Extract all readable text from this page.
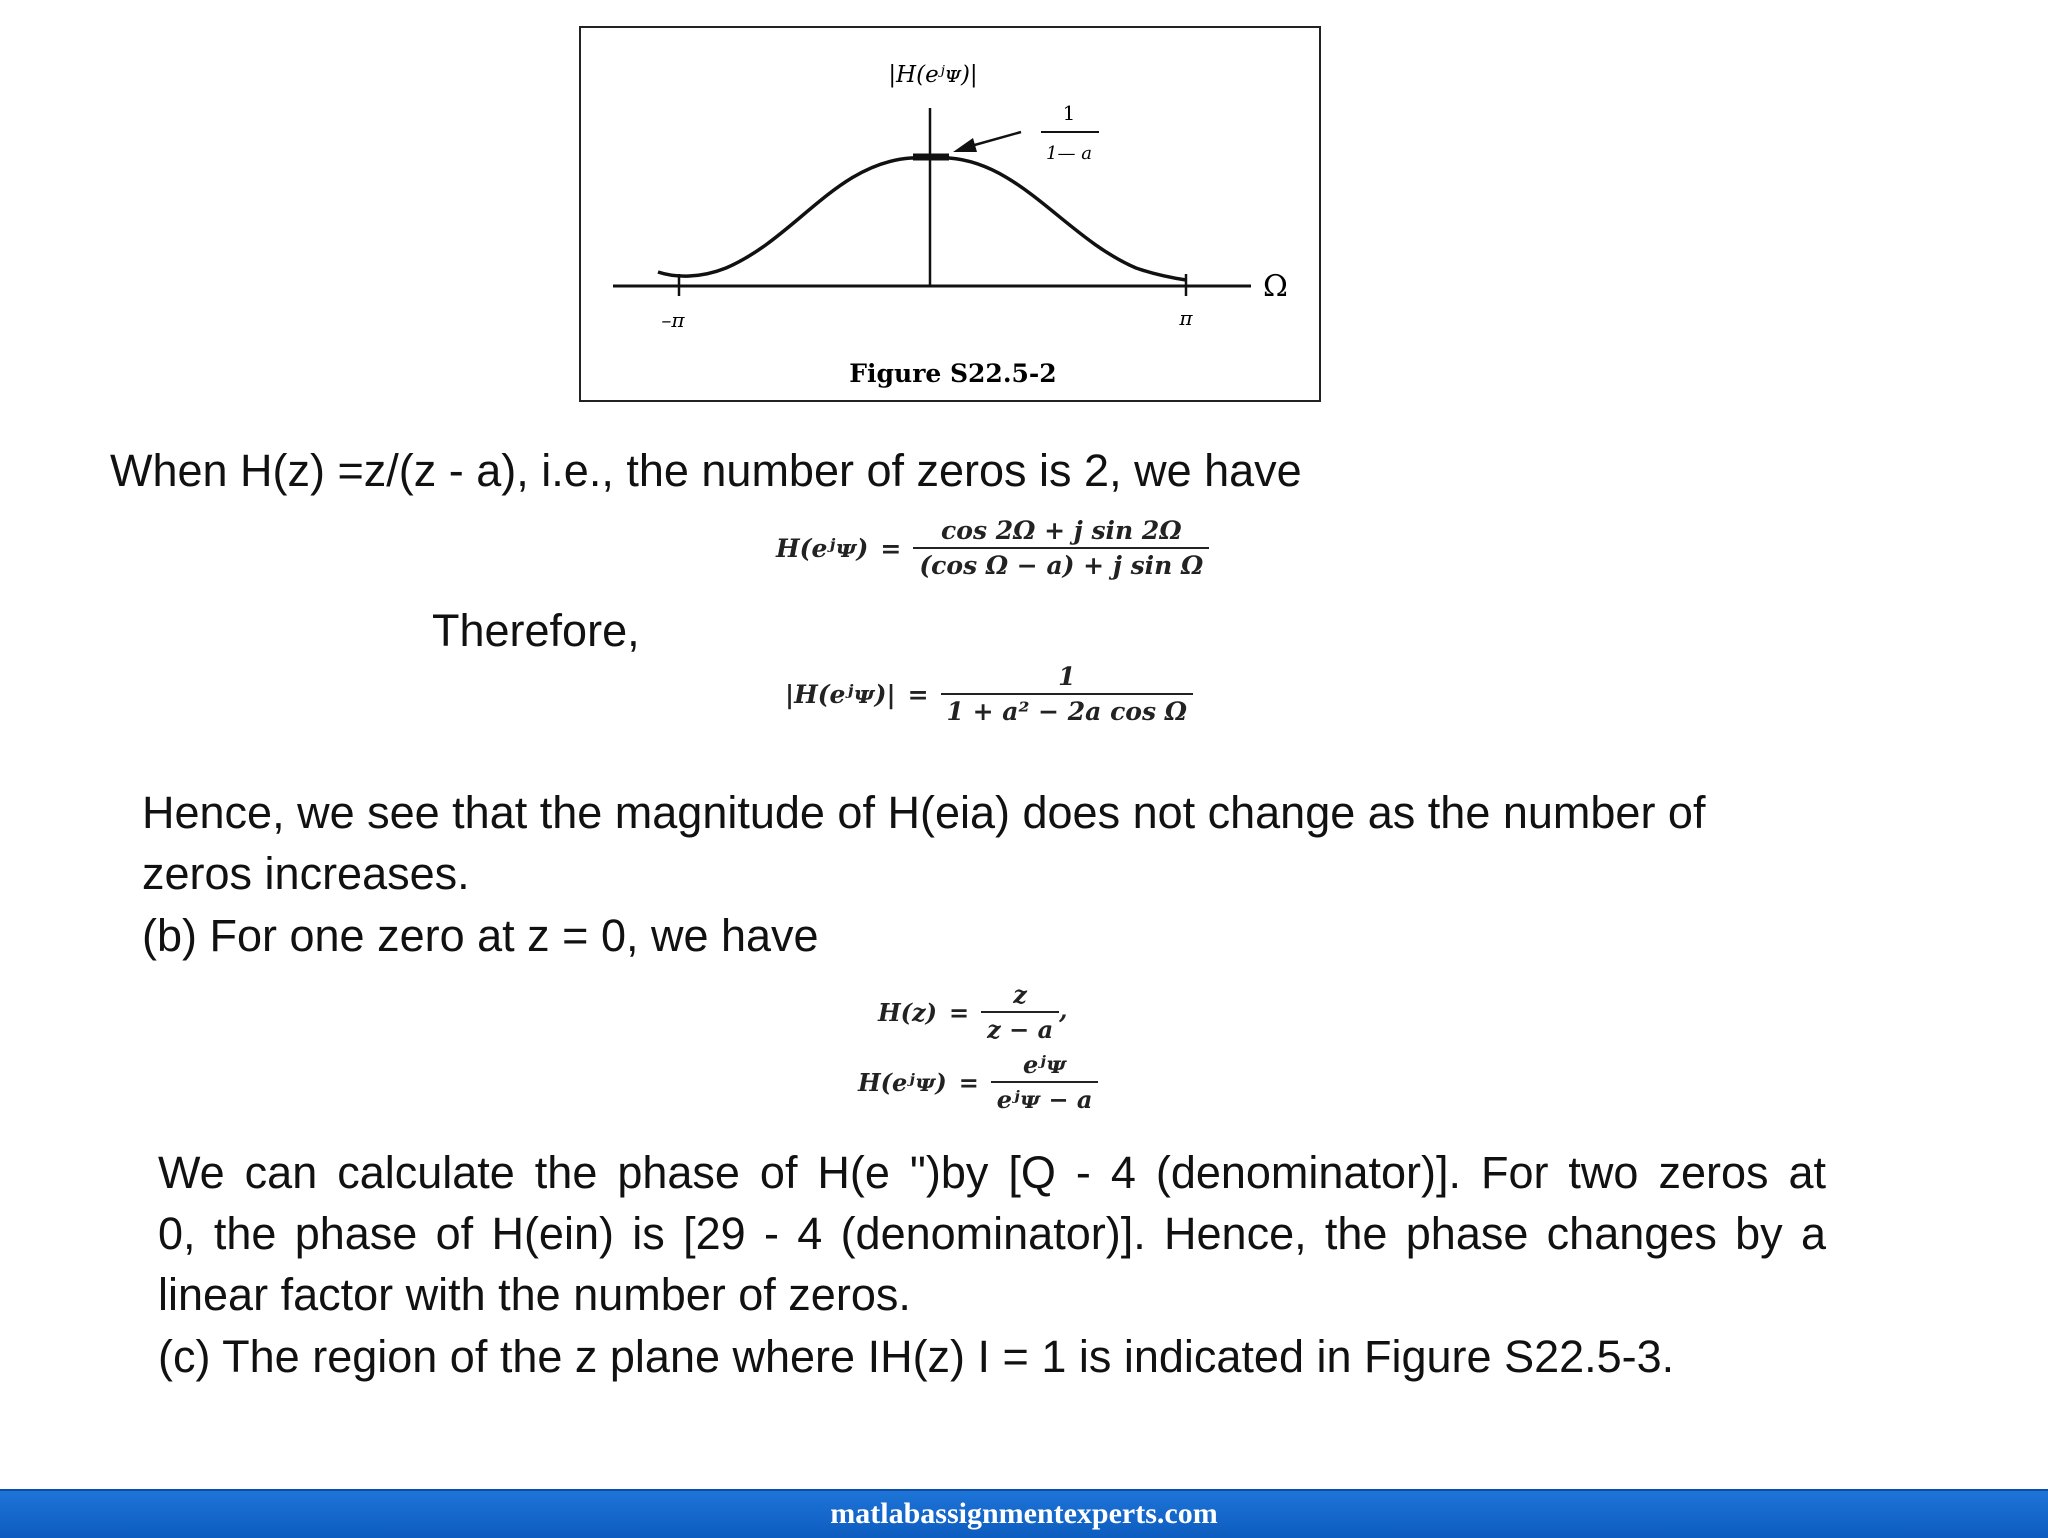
|H(eʲᴪ)|
1
1— a
Ω
–π	π
Figure S22.5-2
When H(z) =z/(z - a), i.e., the number of zeros is 2, we have
H(eʲᴪ) = $\frac{\text{cos 2Ω + j sin 2Ω}}{\text{(cos Ω − a) + j sin Ω}}$
Therefore,
|H(eʲᴪ)| = $\frac{1}{\text{1 + a² − 2a cos Ω}}$
Hence, we see that the magnitude of H(eia) does not change as the number of
zeros increases.
(b) For one zero at z = 0, we have
$H(z) = \frac{z}{z - a}$ ,
H(eʲᴪ) = $\frac{\text{eʲᴪ}}{\text{eʲᴪ − a}}$
We can calculate the phase of H(e ")by [Q - 4 (denominator)]. For two zeros at
0, the phase of H(ein) is [29 - 4 (denominator)]. Hence, the phase changes by a
linear factor with the number of zeros.
(c) The region of the z plane where IH(z) I = 1 is indicated in Figure S22.5-3.
matlabassignmentexperts.com
